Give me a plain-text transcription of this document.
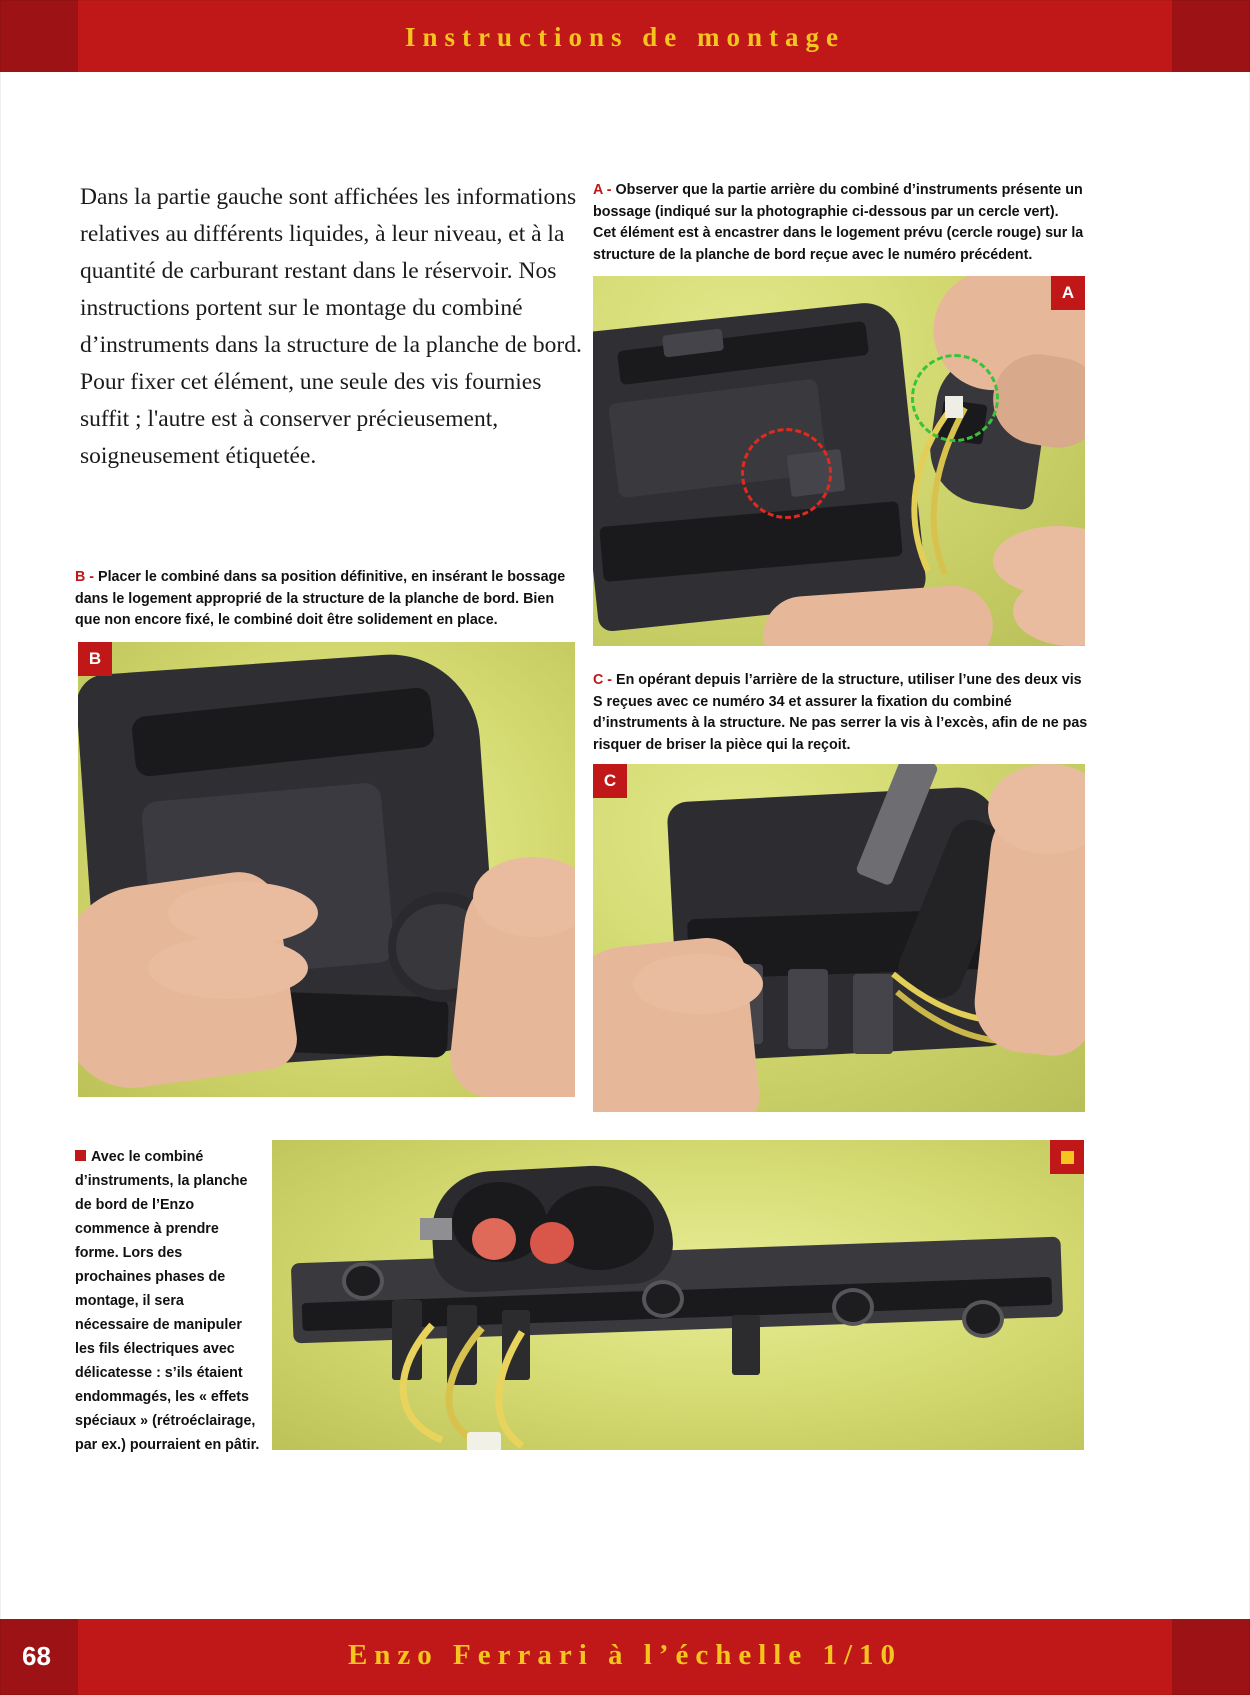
Instructions de montage

Dans la partie gauche sont affichées les informations relatives au différents liquides, à leur niveau, et à la quantité de carburant restant dans le réservoir. Nos instructions portent sur le montage du combiné d’instruments dans la structure de la planche de bord. Pour fixer cet élément, une seule des vis fournies suffit ; l'autre est à conserver précieusement, soigneusement étiquetée.
A - Observer que la partie arrière du combiné d’instruments présente un bossage (indiqué sur la photographie ci-dessous par un cercle vert). Cet élément est à encastrer dans le logement prévu (cercle rouge) sur la structure de la planche de bord reçue avec le numéro précédent.
A
B - Placer le combiné dans sa position définitive, en insérant le bossage dans le logement approprié de la structure de la planche de bord. Bien que non encore fixé, le combiné doit être solidement en place.
B
C - En opérant depuis l’arrière de la structure, utiliser l’une des deux vis S reçues avec ce numéro 34 et assurer la fixation du combiné d’instruments à la structure. Ne pas serrer la vis à l’excès, afin de ne pas risquer de briser la pièce qui la reçoit.
C
Avec le combiné d’instruments, la planche de bord de l’Enzo commence à prendre forme. Lors des prochaines phases de montage, il sera nécessaire de manipuler les fils électriques avec délicatesse : s’ils étaient endommagés, les « effets spéciaux » (rétroéclairage, par ex.) pourraient en pâtir.
68	Enzo Ferrari à l’échelle 1/10
